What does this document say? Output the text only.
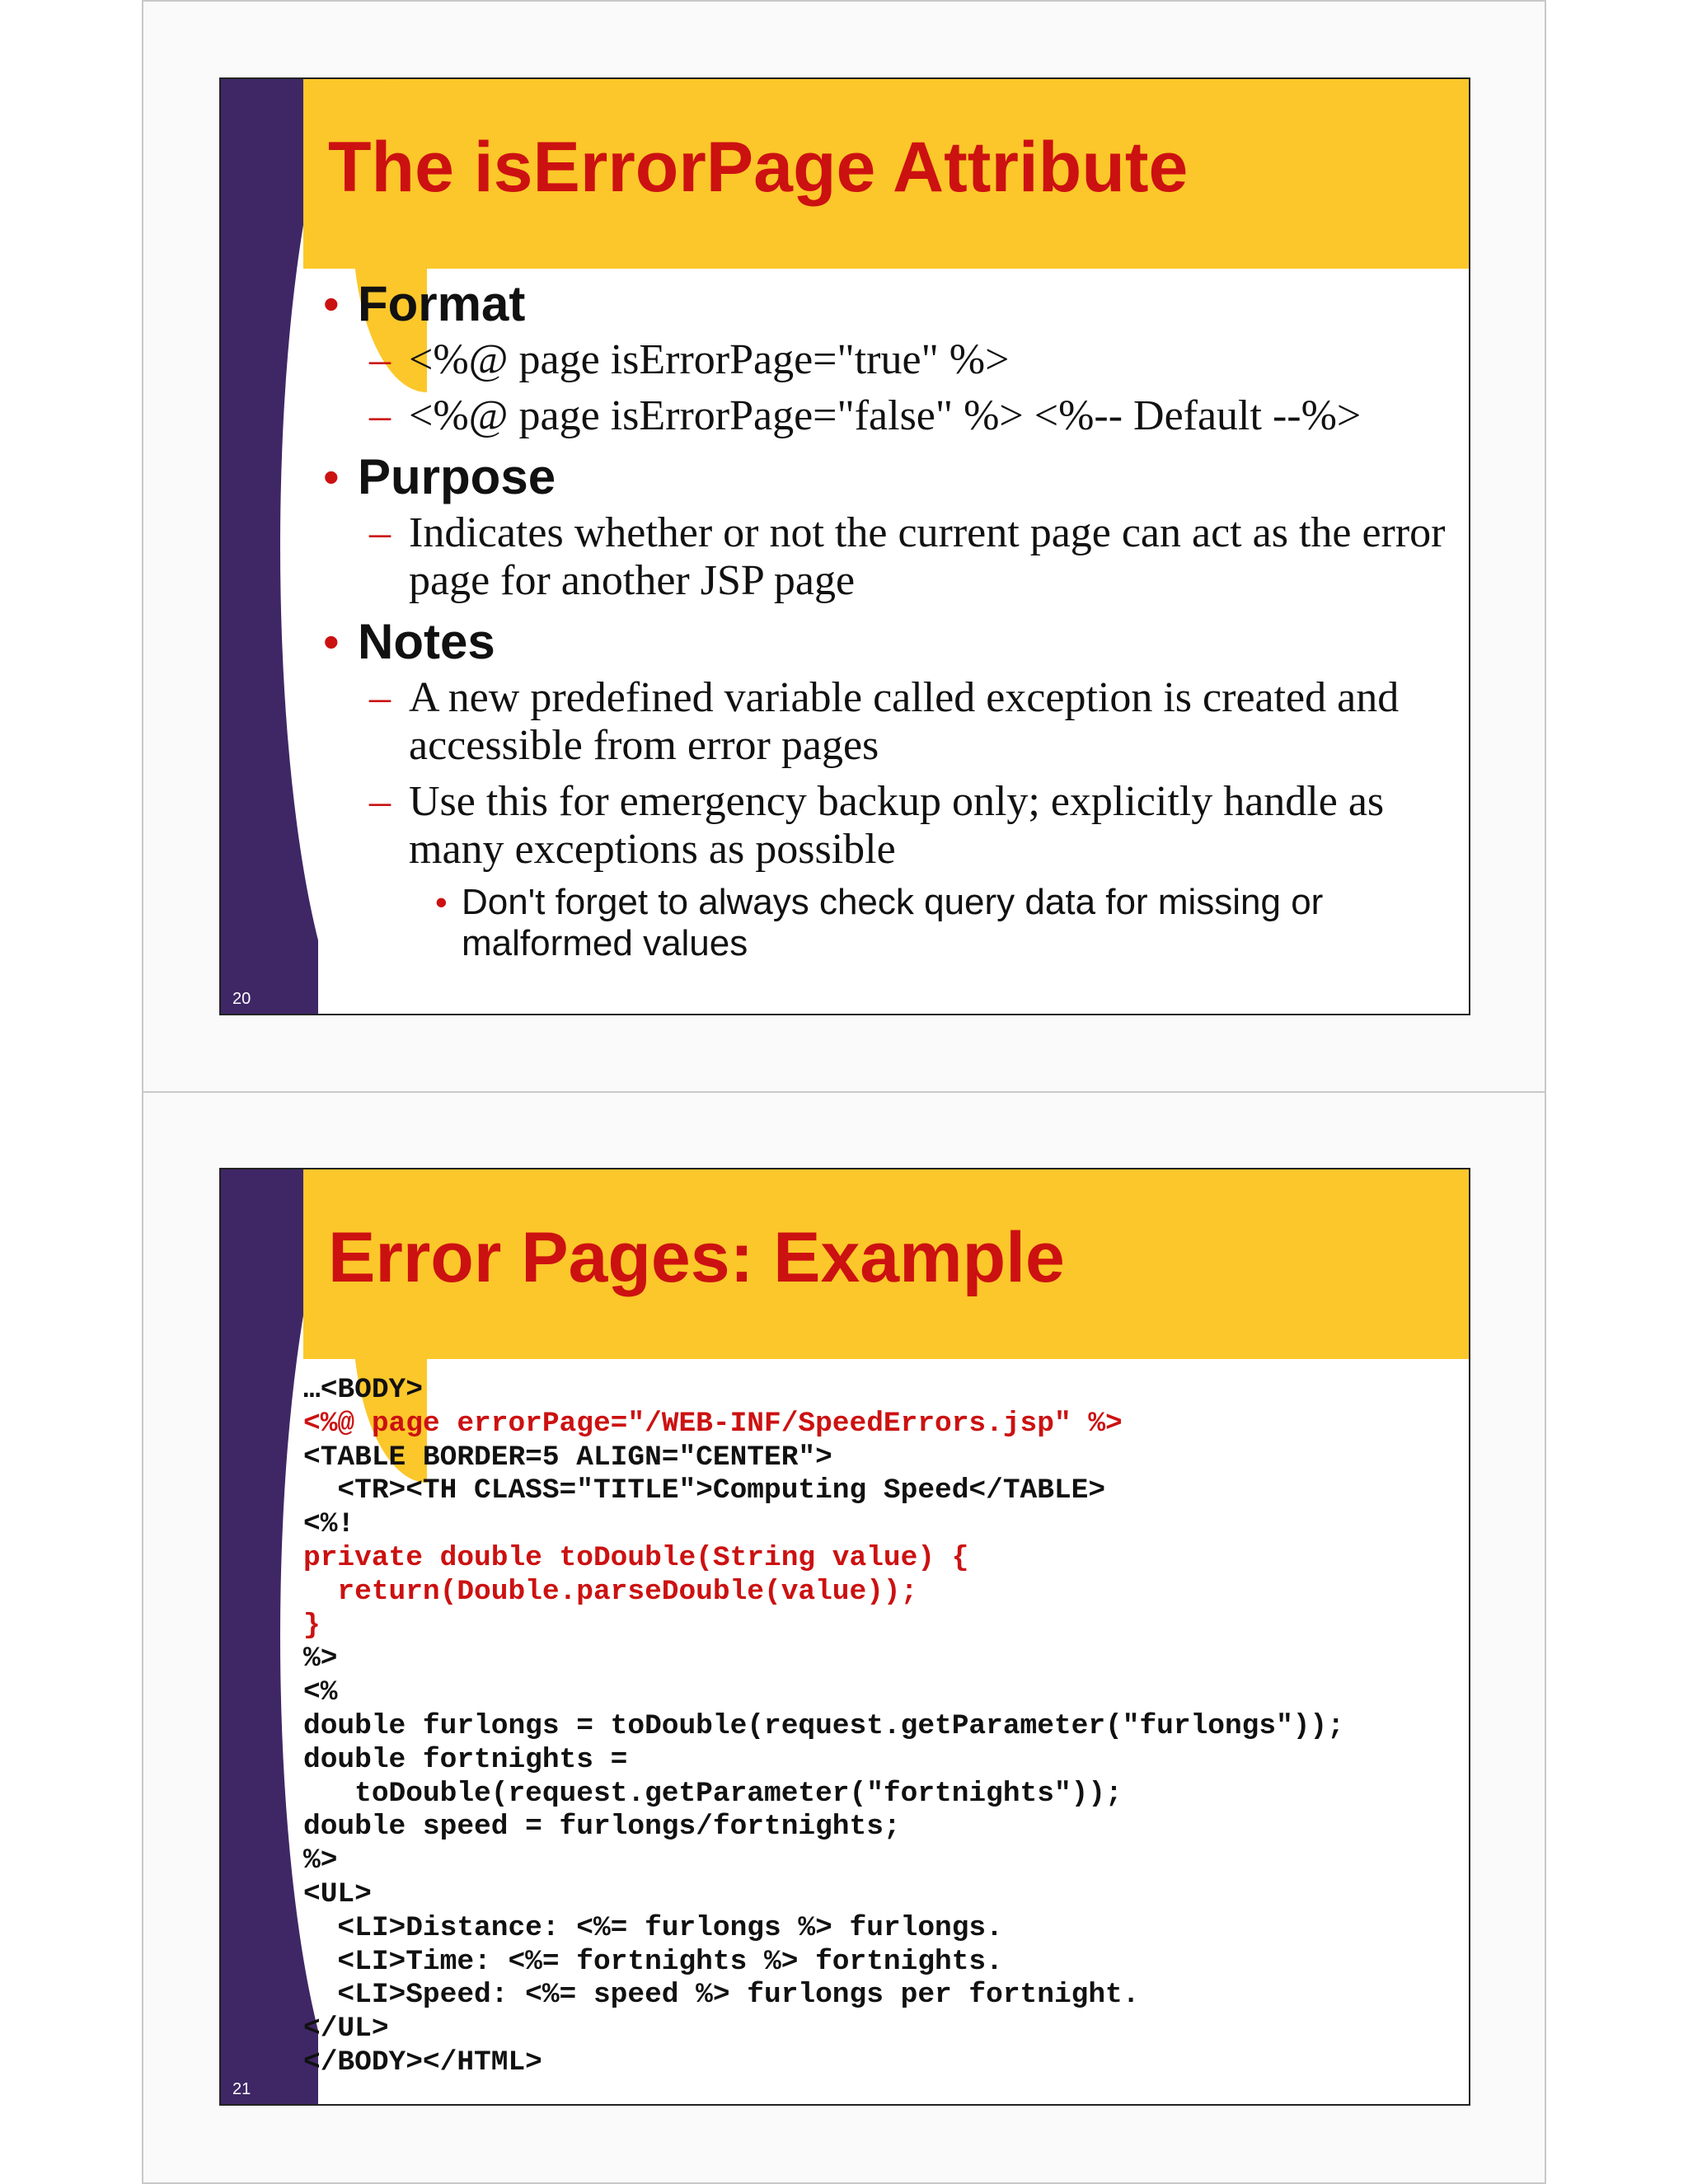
The isErrorPage Attribute

• Format

– <%@ page isErrorPage="true" %>

– <%@ page isErrorPage="false" %> <%-- Default --%>

• Purpose

– Indicates whether or not the current page can act as the error page for another JSP page

• Notes

– A new predefined variable called exception is created and accessible from error pages

– Use this for emergency backup only; explicitly handle as many exceptions as possible

• Don't forget to always check query data for missing or malformed values

20
Error Pages: Example
…<BODY>
<%@ page errorPage="/WEB-INF/SpeedErrors.jsp" %>
<TABLE BORDER=5 ALIGN="CENTER">
<TR><TH CLASS="TITLE">Computing Speed</TABLE>
<%!
private double toDouble(String value) {
return(Double.parseDouble(value));
}
%>
<%
double furlongs = toDouble(request.getParameter("furlongs"));
double fortnights =
toDouble(request.getParameter("fortnights"));
double speed = furlongs/fortnights;
%>
<UL>
<LI>Distance: <%= furlongs %> furlongs.
<LI>Time: <%= fortnights %> fortnights.
<LI>Speed: <%= speed %> furlongs per fortnight.
</UL>
</BODY></HTML>
21
